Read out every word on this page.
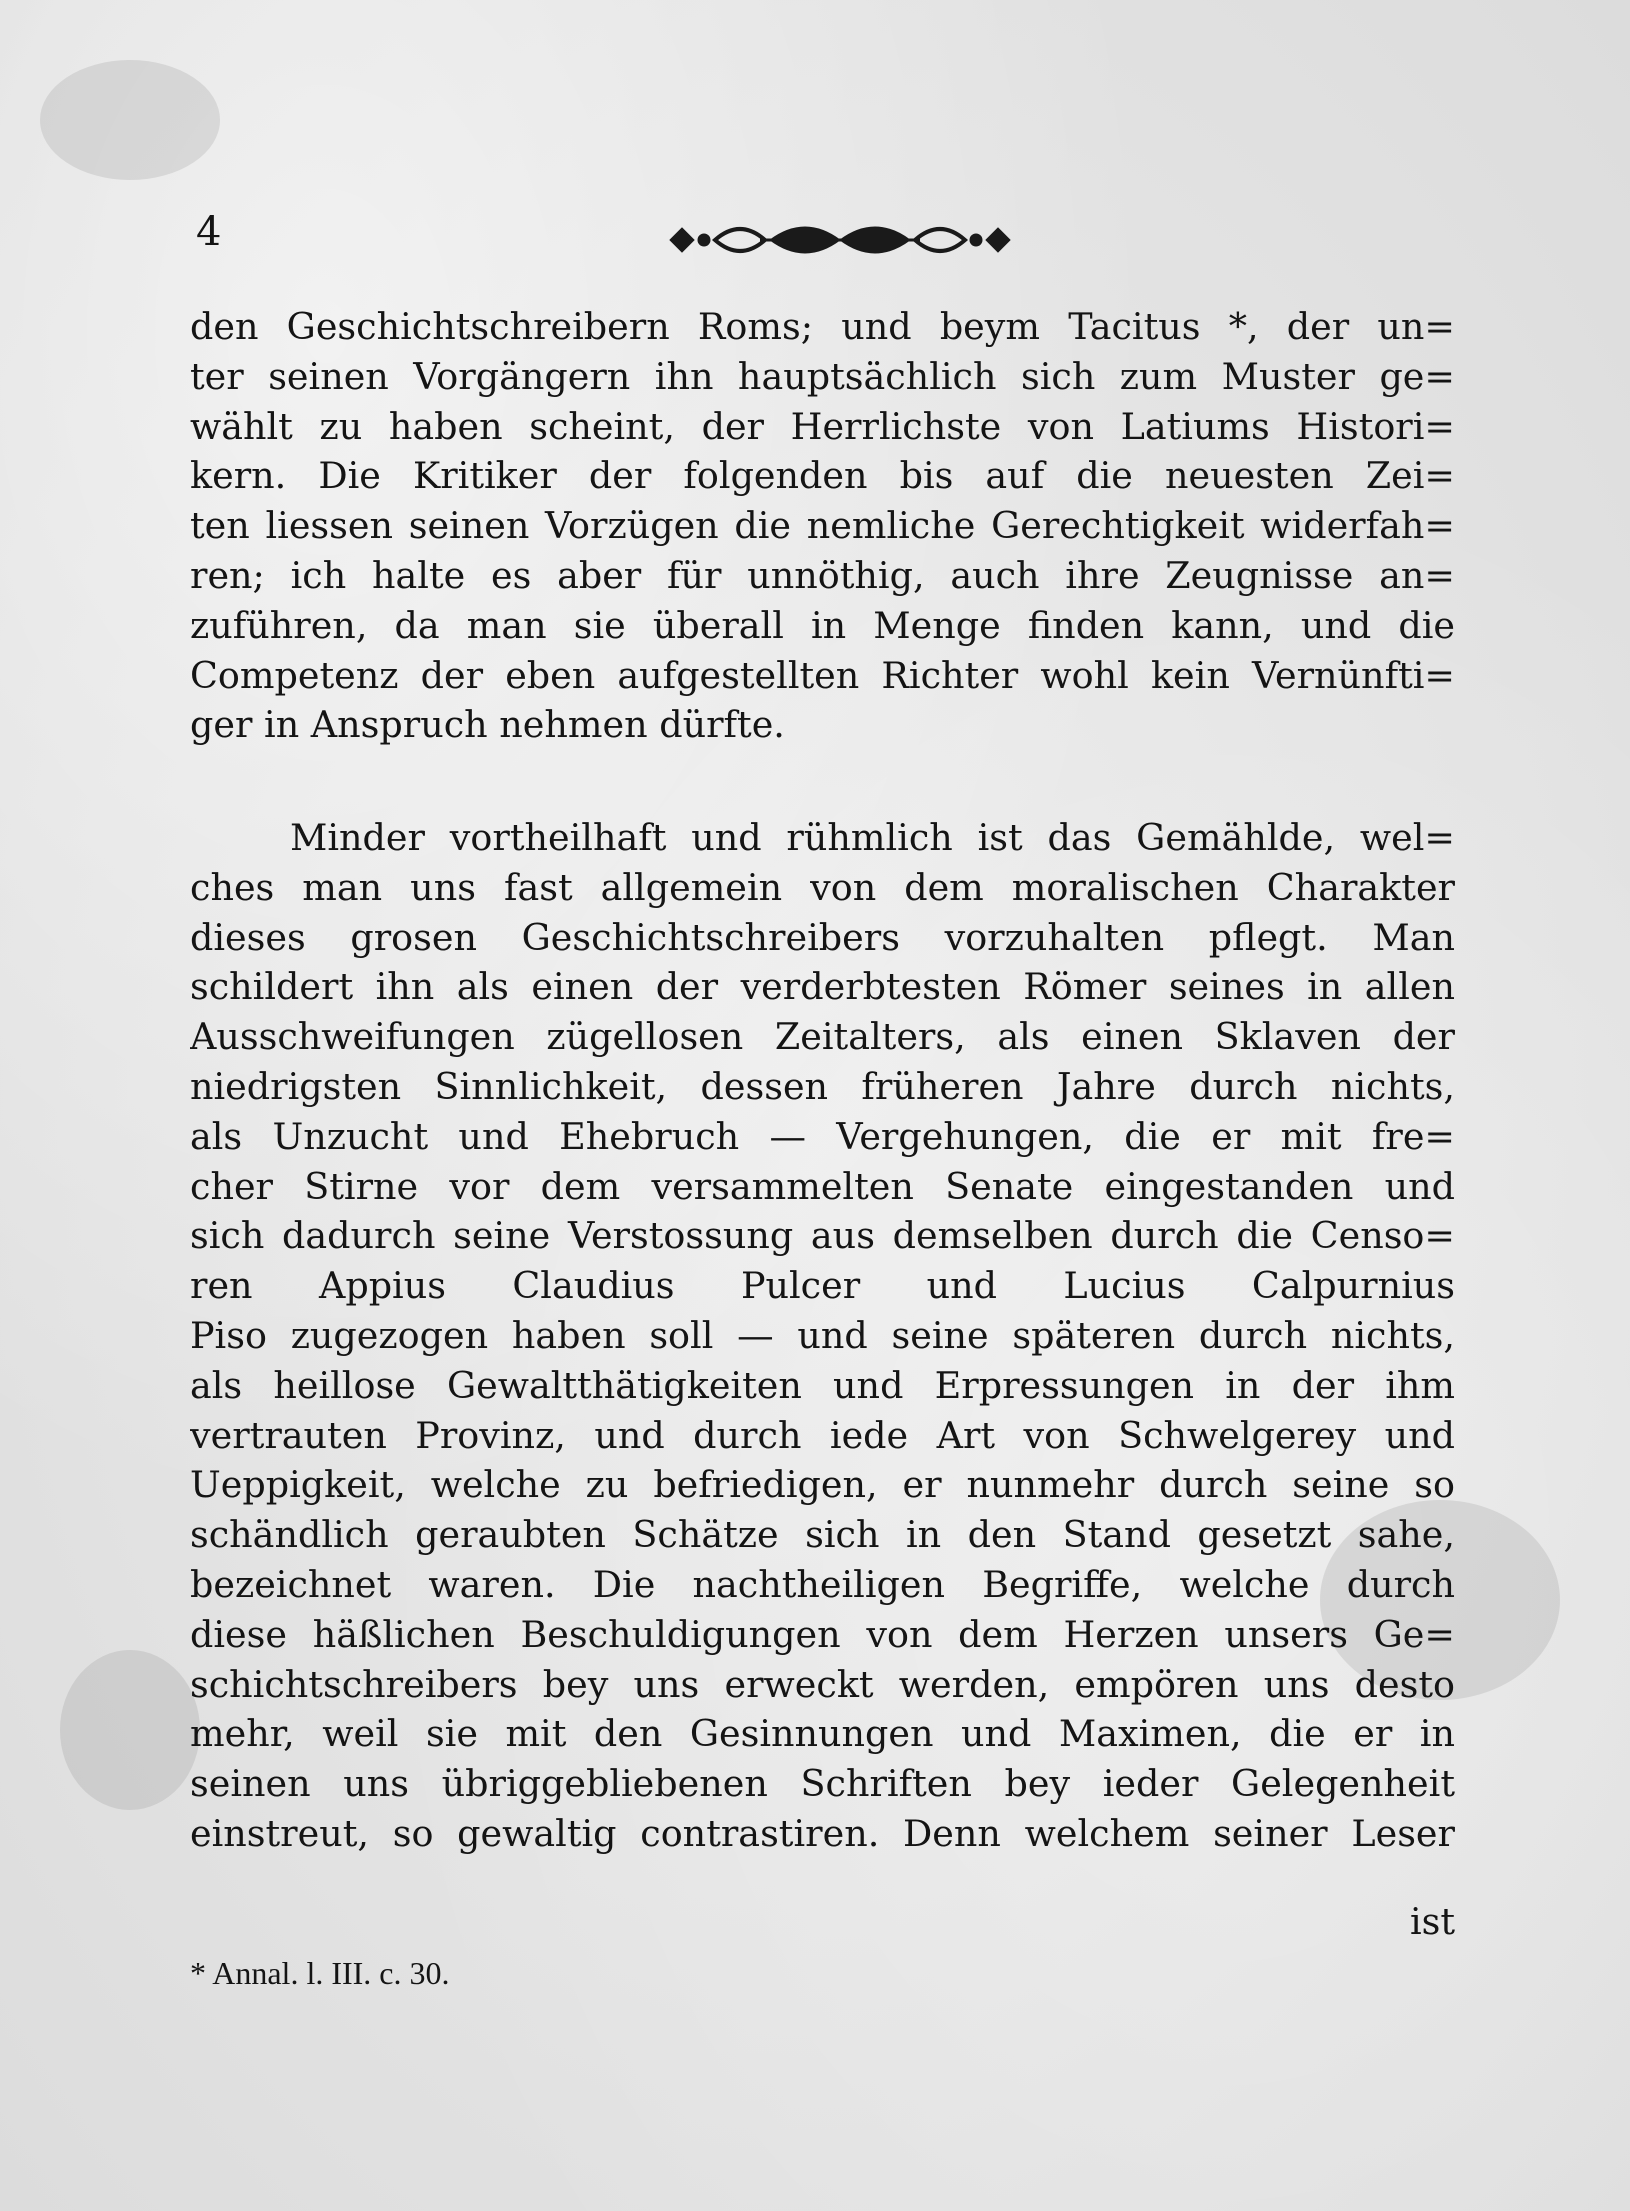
4
den Geschichtschreibern Roms; und beym Tacitus *, der un=
ter seinen Vorgängern ihn hauptsächlich sich zum Muster ge=
wählt zu haben scheint, der Herrlichste von Latiums Histori=
kern. Die Kritiker der folgenden bis auf die neuesten Zei=
ten liessen seinen Vorzügen die nemliche Gerechtigkeit widerfah=
ren; ich halte es aber für unnöthig, auch ihre Zeugnisse an=
zuführen, da man sie überall in Menge finden kann, und die
Competenz der eben aufgestellten Richter wohl kein Vernünfti=
ger in Anspruch nehmen dürfte.
Minder vortheilhaft und rühmlich ist das Gemählde, wel=
ches man uns fast allgemein von dem moralischen Charakter
dieses grosen Geschichtschreibers vorzuhalten pflegt. Man
schildert ihn als einen der verderbtesten Römer seines in allen
Ausschweifungen zügellosen Zeitalters, als einen Sklaven der
niedrigsten Sinnlichkeit, dessen früheren Jahre durch nichts,
als Unzucht und Ehebruch — Vergehungen, die er mit fre=
cher Stirne vor dem versammelten Senate eingestanden und
sich dadurch seine Verstossung aus demselben durch die Censo=
ren Appius Claudius Pulcer und Lucius Calpurnius
Piso zugezogen haben soll — und seine späteren durch nichts,
als heillose Gewaltthätigkeiten und Erpressungen in der ihm
vertrauten Provinz, und durch iede Art von Schwelgerey und
Ueppigkeit, welche zu befriedigen, er nunmehr durch seine so
schändlich geraubten Schätze sich in den Stand gesetzt sahe,
bezeichnet waren. Die nachtheiligen Begriffe, welche durch
diese häßlichen Beschuldigungen von dem Herzen unsers Ge=
schichtschreibers bey uns erweckt werden, empören uns desto
mehr, weil sie mit den Gesinnungen und Maximen, die er in
seinen uns übriggebliebenen Schriften bey ieder Gelegenheit
einstreut, so gewaltig contrastiren. Denn welchem seiner Leser
ist
* Annal. l. III. c. 30.
